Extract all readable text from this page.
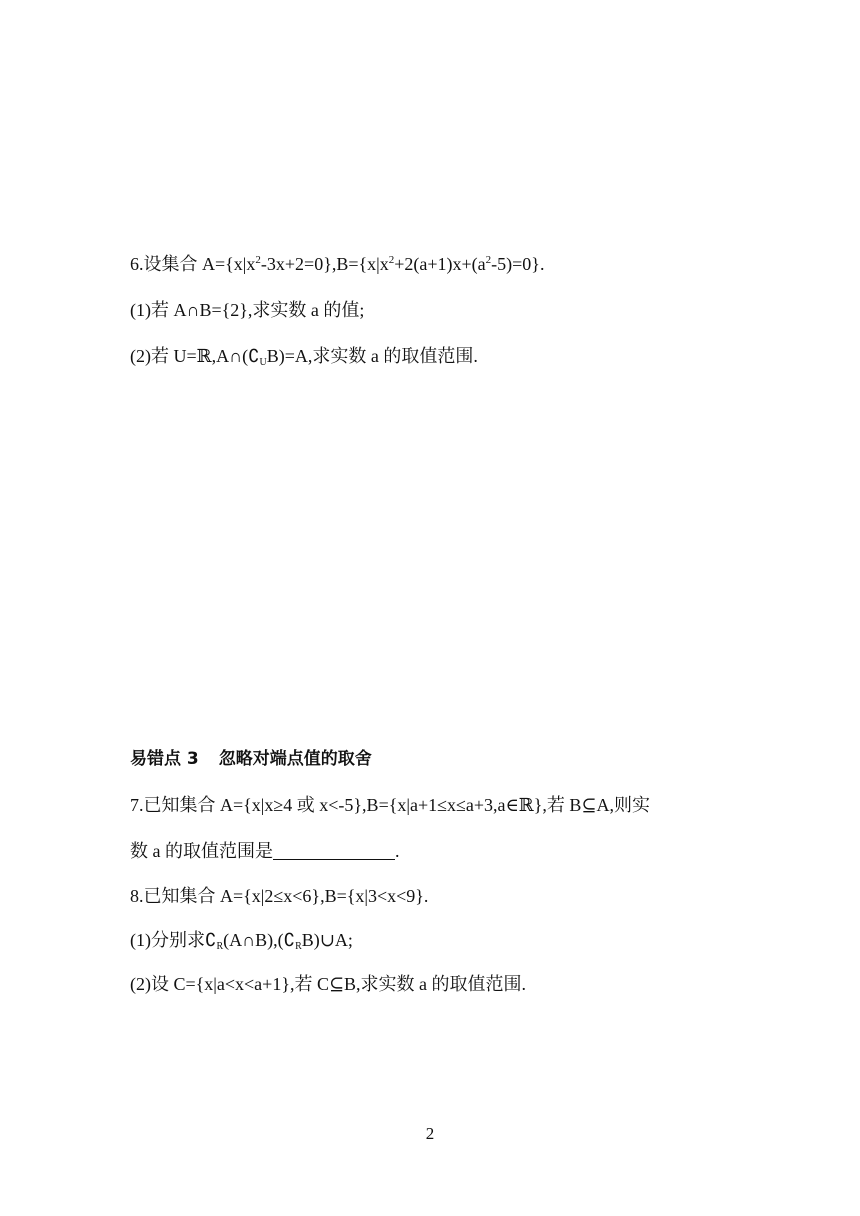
6.设集合 $A=\{x|x^2-3x+2=0\},B=\{x|x^2+2(a+1)x+(a^2-5)=0\}$.
(1)若 A∩B={2},求实数 a 的值;
(2)若 $U=ℝ,A\cap(∁_UB)=A$,求实数 a 的取值范围.
易错点 3 忽略对端点值的取舍
7.已知集合 A={x|x≥4 或 x<-5},B={x|a+1≤x≤a+3,a∈ℝ},若 B⊆A,则实
数 a 的取值范围是	.
8.已知集合 A={x|2≤x<6},B={x|3<x<9}.
(1)分别求$∁_R(A\cap B),(∁_RB)\cup A$;
(2)设 C={x|a<x<a+1},若 C⊆B,求实数 a 的取值范围.
2
